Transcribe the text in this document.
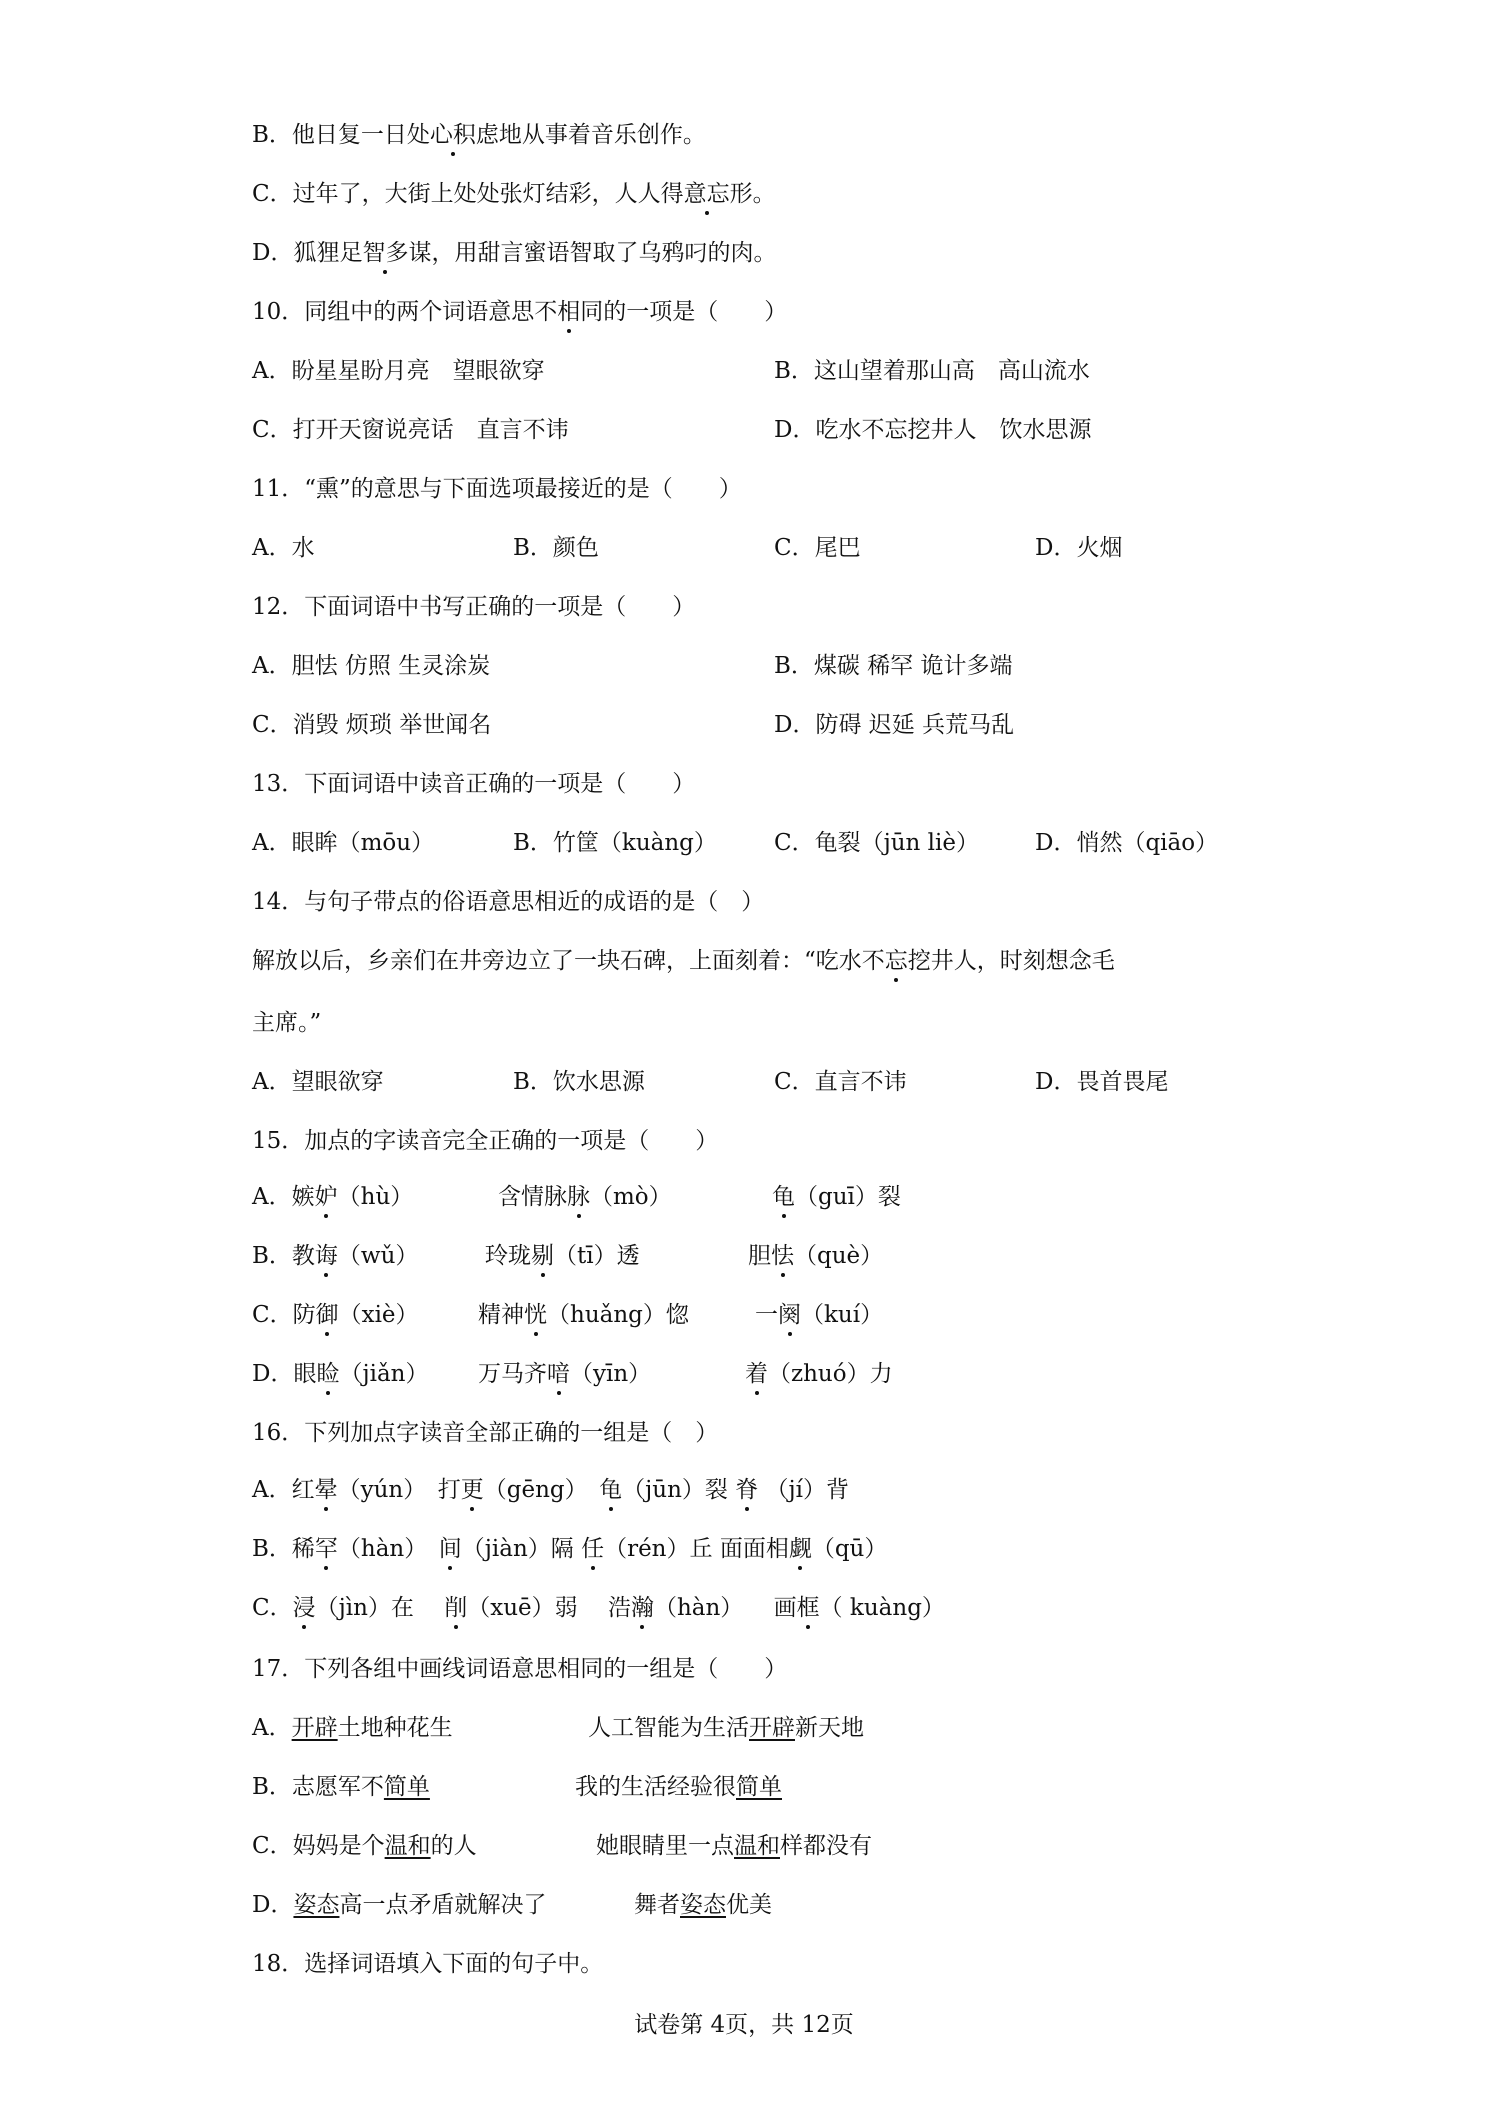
B．他日复一日处心积虑地从事着音乐创作。
C．过年了，大街上处处张灯结彩，人人得意忘形。
D．狐狸足智多谋，用甜言蜜语智取了乌鸦叼的肉。
10．同组中的两个词语意思不相同的一项是（　　）
A．盼星星盼月亮　望眼欲穿	B．这山望着那山高　高山流水
C．打开天窗说亮话　直言不讳	D．吃水不忘挖井人　饮水思源
11．“熏”的意思与下面选项最接近的是（　　）
A．水	B．颜色	C．尾巴	D．火烟
12．下面词语中书写正确的一项是（　　）
A．胆怯 仿照 生灵涂炭	B．煤碳 稀罕 诡计多端
C．消毁 烦琐 举世闻名	D．防碍 迟延 兵荒马乱
13．下面词语中读音正确的一项是（　　）
A．眼眸（mōu）	B．竹筐（kuàng） C．龟裂（jūn liè） D．悄然（qiāo）
14．与句子带点的俗语意思相近的成语的是（　）
解放以后，乡亲们在井旁边立了一块石碑，上面刻着：“吃水不忘挖井人，时刻想念毛
主席。”
A．望眼欲穿	B．饮水思源	C．直言不讳	D．畏首畏尾
15．加点的字读音完全正确的一项是（　　）
A．嫉妒（hù）	含情脉脉（mò）	龟（guī）裂
B．教诲（wǔ）	玲珑剔（tī）透	胆怯（què）
C．防御（xiè）	精神恍（huǎng）惚	一阕（kuí）
D．眼睑（jiǎn） 万马齐喑（yīn）	着（zhuó）力
16．下列加点字读音全部正确的一组是（　）
A．红晕（yún）　打更（gēng）　 龟（jūn）裂 脊 （jí）背
B．稀罕（hàn）　 间（jiàn）隔 任（rén）丘 面面相觑（qū）
C．浸（jìn）在 　削（xuē）弱 　浩瀚（hàn） 　画框（ kuàng）
17．下列各组中画线词语意思相同的一组是（　　）
A．开辟土地种花生	人工智能为生活开辟新天地
B．志愿军不简单	我的生活经验很简单
C．妈妈是个温和的人	她眼睛里一点温和样都没有
D．姿态高一点矛盾就解决了	舞者姿态优美
18．选择词语填入下面的句子中。
试卷第 4页，共 12页
